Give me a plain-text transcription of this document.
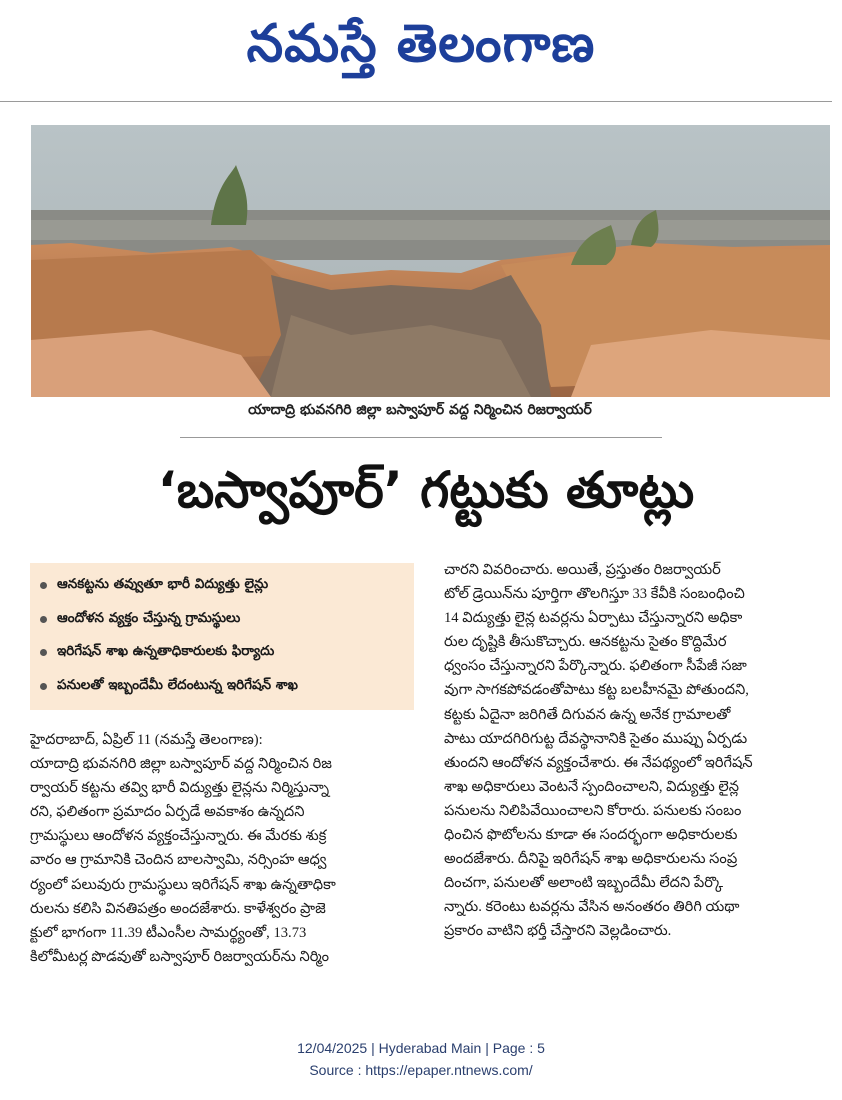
నమస్తే తెలంగాణ
యాదాద్రి భువనగిరి జిల్లా బస్వాపూర్ వద్ద నిర్మించిన రిజర్వాయర్
‘బస్వాపూర్’ గట్టుకు తూట్లు
ఆనకట్టను తవ్వుతూ భారీ విద్యుత్తు లైన్లు
ఆందోళన వ్యక్తం చేస్తున్న గ్రామస్థులు
ఇరిగేషన్ శాఖ ఉన్నతాధికారులకు ఫిర్యాదు
పనులతో ఇబ్బందేమీ లేదంటున్న ఇరిగేషన్ శాఖ
హైదరాబాద్, ఏప్రిల్ 11 (నమస్తే తెలంగాణ):
యాదాద్రి భువనగిరి జిల్లా బస్వాపూర్ వద్ద నిర్మించిన రిజ
ర్వాయర్ కట్టను తవ్వి భారీ విద్యుత్తు లైన్లను నిర్మిస్తున్నా
రని, ఫలితంగా ప్రమాదం ఏర్పడే అవకాశం ఉన్నదని
గ్రామస్థులు ఆందోళన వ్యక్తంచేస్తున్నారు. ఈ మేరకు శుక్ర
వారం ఆ గ్రామానికి చెందిన బాలస్వామి, నర్సింహ ఆధ్వ
ర్యంలో పలువురు గ్రామస్థులు ఇరిగేషన్ శాఖ ఉన్నతాధికా
రులను కలిసి వినతిపత్రం అందజేశారు. కాళేశ్వరం ప్రాజె
క్టులో భాగంగా 11.39 టీఎంసీల సామర్థ్యంతో, 13.73
కిలోమీటర్ల పొడవుతో బస్వాపూర్ రిజర్వాయర్‌ను నిర్మిం
చారని వివరించారు. అయితే, ప్రస్తుతం రిజర్వాయర్
టోల్ డ్రెయిన్‌ను పూర్తిగా తొలగిస్తూ 33 కేవీకి సంబంధించి
14 విద్యుత్తు లైన్ల టవర్లను ఏర్పాటు చేస్తున్నారని అధికా
రుల దృష్టికి తీసుకొచ్చారు. ఆనకట్టను సైతం కొద్దిమేర
ధ్వంసం చేస్తున్నారని పేర్కొన్నారు. ఫలితంగా సీపేజీ సజా
వుగా సాగకపోవడంతోపాటు కట్ట బలహీనమై పోతుందని,
కట్టకు ఏదైనా జరిగితే దిగువన ఉన్న అనేక గ్రామాలతో
పాటు యాదగిరిగుట్ట దేవస్థానానికి సైతం ముప్పు ఏర్పడు
తుందని ఆందోళన వ్యక్తంచేశారు. ఈ నేపథ్యంలో ఇరిగేషన్
శాఖ అధికారులు వెంటనే స్పందించాలని, విద్యుత్తు లైన్ల
పనులను నిలిపివేయించాలని కోరారు. పనులకు సంబం
ధించిన ఫొటోలను కూడా ఈ సందర్భంగా అధికారులకు
అందజేశారు. దీనిపై ఇరిగేషన్ శాఖ అధికారులను సంప్ర
దించగా, పనులతో అలాంటి ఇబ్బందేమీ లేదని పేర్కొ
న్నారు. కరెంటు టవర్లను వేసిన అనంతరం తిరిగి యథా
ప్రకారం వాటిని భర్తీ చేస్తారని వెల్లడించారు.
12/04/2025 | Hyderabad Main | Page : 5
Source : https://epaper.ntnews.com/
